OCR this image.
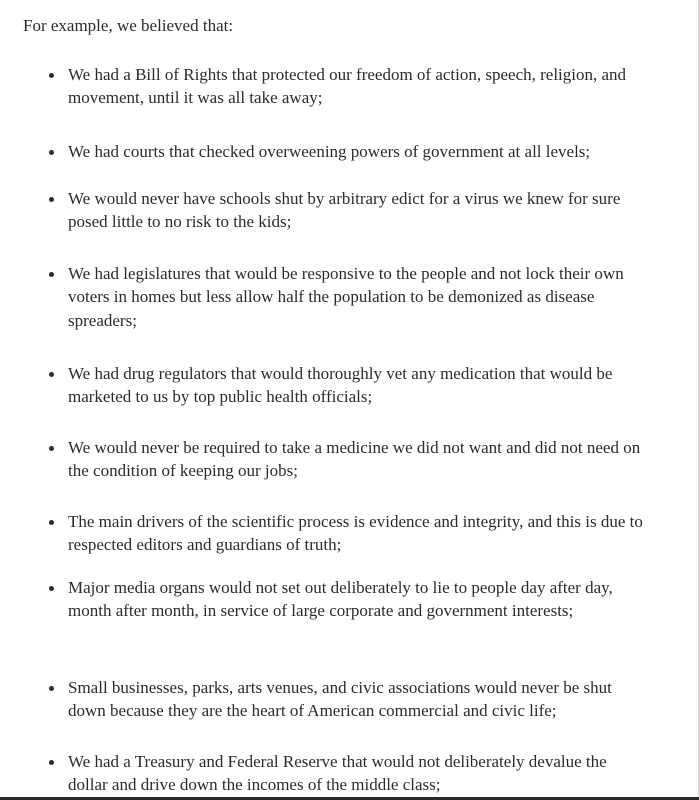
For example, we believed that:

We had a Bill of Rights that protected our freedom of action, speech, religion, and movement, until it was all take away;
We had courts that checked overweening powers of government at all levels;
We would never have schools shut by arbitrary edict for a virus we knew for sure posed little to no risk to the kids;
We had legislatures that would be responsive to the people and not lock their own voters in homes but less allow half the population to be demonized as disease spreaders;
We had drug regulators that would thoroughly vet any medication that would be marketed to us by top public health officials;
We would never be required to take a medicine we did not want and did not need on the condition of keeping our jobs;
The main drivers of the scientific process is evidence and integrity, and this is due to respected editors and guardians of truth;
Major media organs would not set out deliberately to lie to people day after day, month after month, in service of large corporate and government interests;
Small businesses, parks, arts venues, and civic associations would never be shut down because they are the heart of American commercial and civic life;
We had a Treasury and Federal Reserve that would not deliberately devalue the dollar and drive down the incomes of the middle class;
